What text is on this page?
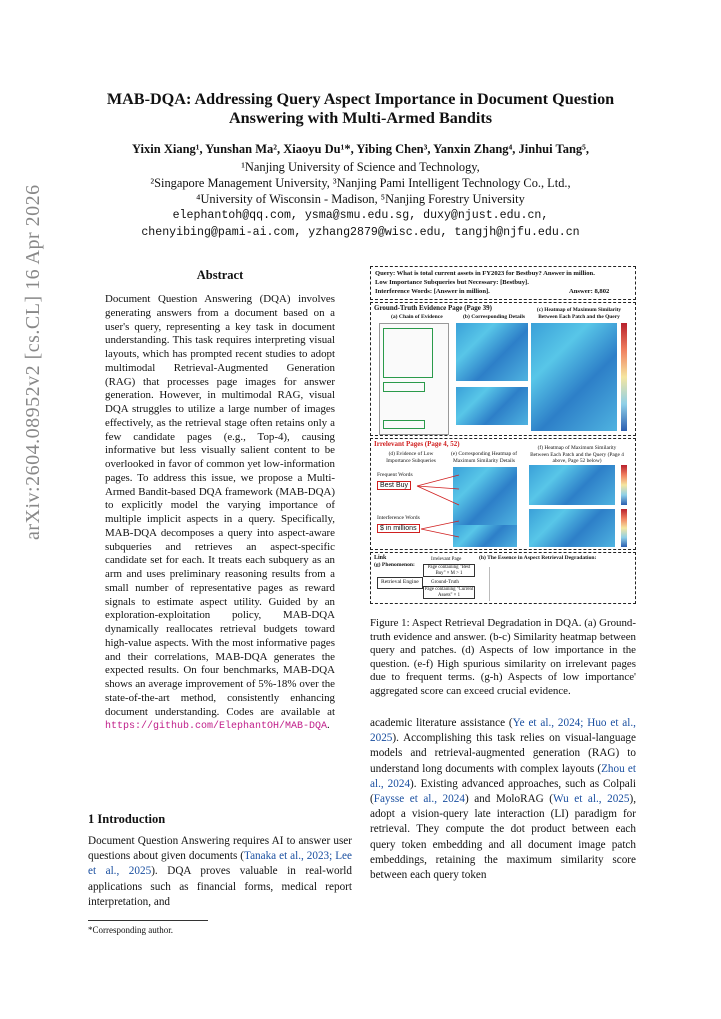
arXiv:2604.08952v2 [cs.CL] 16 Apr 2026
MAB-DQA: Addressing Query Aspect Importance in Document Question
Answering with Multi-Armed Bandits
Yixin Xiang¹, Yunshan Ma², Xiaoyu Du¹*, Yibing Chen³, Yanxin Zhang⁴, Jinhui Tang⁵,
¹Nanjing University of Science and Technology,
²Singapore Management University, ³Nanjing Pami Intelligent Technology Co., Ltd.,
⁴University of Wisconsin - Madison, ⁵Nanjing Forestry University
elephantoh@qq.com, ysma@smu.edu.sg, duxy@njust.edu.cn,
chenyibing@pami-ai.com, yzhang2879@wisc.edu, tangjh@njfu.edu.cn
Abstract

Document Question Answering (DQA) involves generating answers from a document based on a user's query, representing a key task in document understanding. This task requires interpreting visual layouts, which has prompted recent studies to adopt multimodal Retrieval-Augmented Generation (RAG) that processes page images for answer generation. However, in multimodal RAG, visual DQA struggles to utilize a large number of images effectively, as the retrieval stage often retains only a few candidate pages (e.g., Top-4), causing informative but less visually salient content to be overlooked in favor of common yet low-information pages. To address this issue, we propose a Multi-Armed Bandit-based DQA framework (MAB-DQA) to explicitly model the varying importance of multiple implicit aspects in a query. Specifically, MAB-DQA decomposes a query into aspect-aware subqueries and retrieves an aspect-specific candidate set for each. It treats each subquery as an arm and uses preliminary reasoning results from a small number of representative pages as reward signals to estimate aspect utility. Guided by an exploration-exploitation policy, MAB-DQA dynamically reallocates retrieval budgets toward high-value aspects. With the most informative pages and their correlations, MAB-DQA generates the expected results. On four benchmarks, MAB-DQA shows an average improvement of 5%-18% over the state-of-the-art method, consistently enhancing document understanding. Codes are available at https://github.com/ElephantOH/MAB-DQA.

1 Introduction

Document Question Answering requires AI to answer user questions about given documents (Tanaka et al., 2023; Lee et al., 2025). DQA proves valuable in real-world applications such as financial forms, medical report interpretation, and

*Corresponding author.
Query: What is total current assets in FY2023 for Bestbuy? Answer in million.
Low Importance Subqueries but Necessary: [Bestbuy].
Interference Words: [Answer in million].	Answer: 8,802
Ground-Truth Evidence Page (Page 39)
(a) Chain of Evidence	(b) Corresponding Details
(c) Heatmap of Maximum Similarity Between Each Patch and the Query
Irrelevant Pages (Page 4, 52)
(d) Evidence of Low Importance Subqueries
(e) Corresponding Heatmap of Maximum Similarity Details
(f) Heatmap of Maximum Similarity Between Each Patch and the Query (Page 4 above, Page 52 below)
Frequent Words
Best Buy
Interference Words
$ in millions
Link
(g) Phenomenon:
(h) The Essence in Aspect Retrieval Degradation:
Retrieval Engine
Irrelevant Page
Page containing "Best Buy" × M > 1
Ground-Truth
Page containing "Current Assets" × 1
Figure 1: Aspect Retrieval Degradation in DQA. (a) Ground-truth evidence and answer. (b-c) Similarity heatmap between query and patches. (d) Aspects of low importance in the question. (e-f) High spurious similarity on irrelevant pages due to frequent terms. (g-h) Aspects of low importance' aggregated score can exceed crucial evidence.

academic literature assistance (Ye et al., 2024; Huo et al., 2025). Accomplishing this task relies on visual-language models and retrieval-augmented generation (RAG) to understand long documents with complex layouts (Zhou et al., 2024). Existing advanced approaches, such as Colpali (Faysse et al., 2024) and MoloRAG (Wu et al., 2025), adopt a vision-query late interaction (LI) paradigm for retrieval. They compute the dot product between each query token embedding and all document image patch embeddings, retaining the maximum similarity score between each query token
